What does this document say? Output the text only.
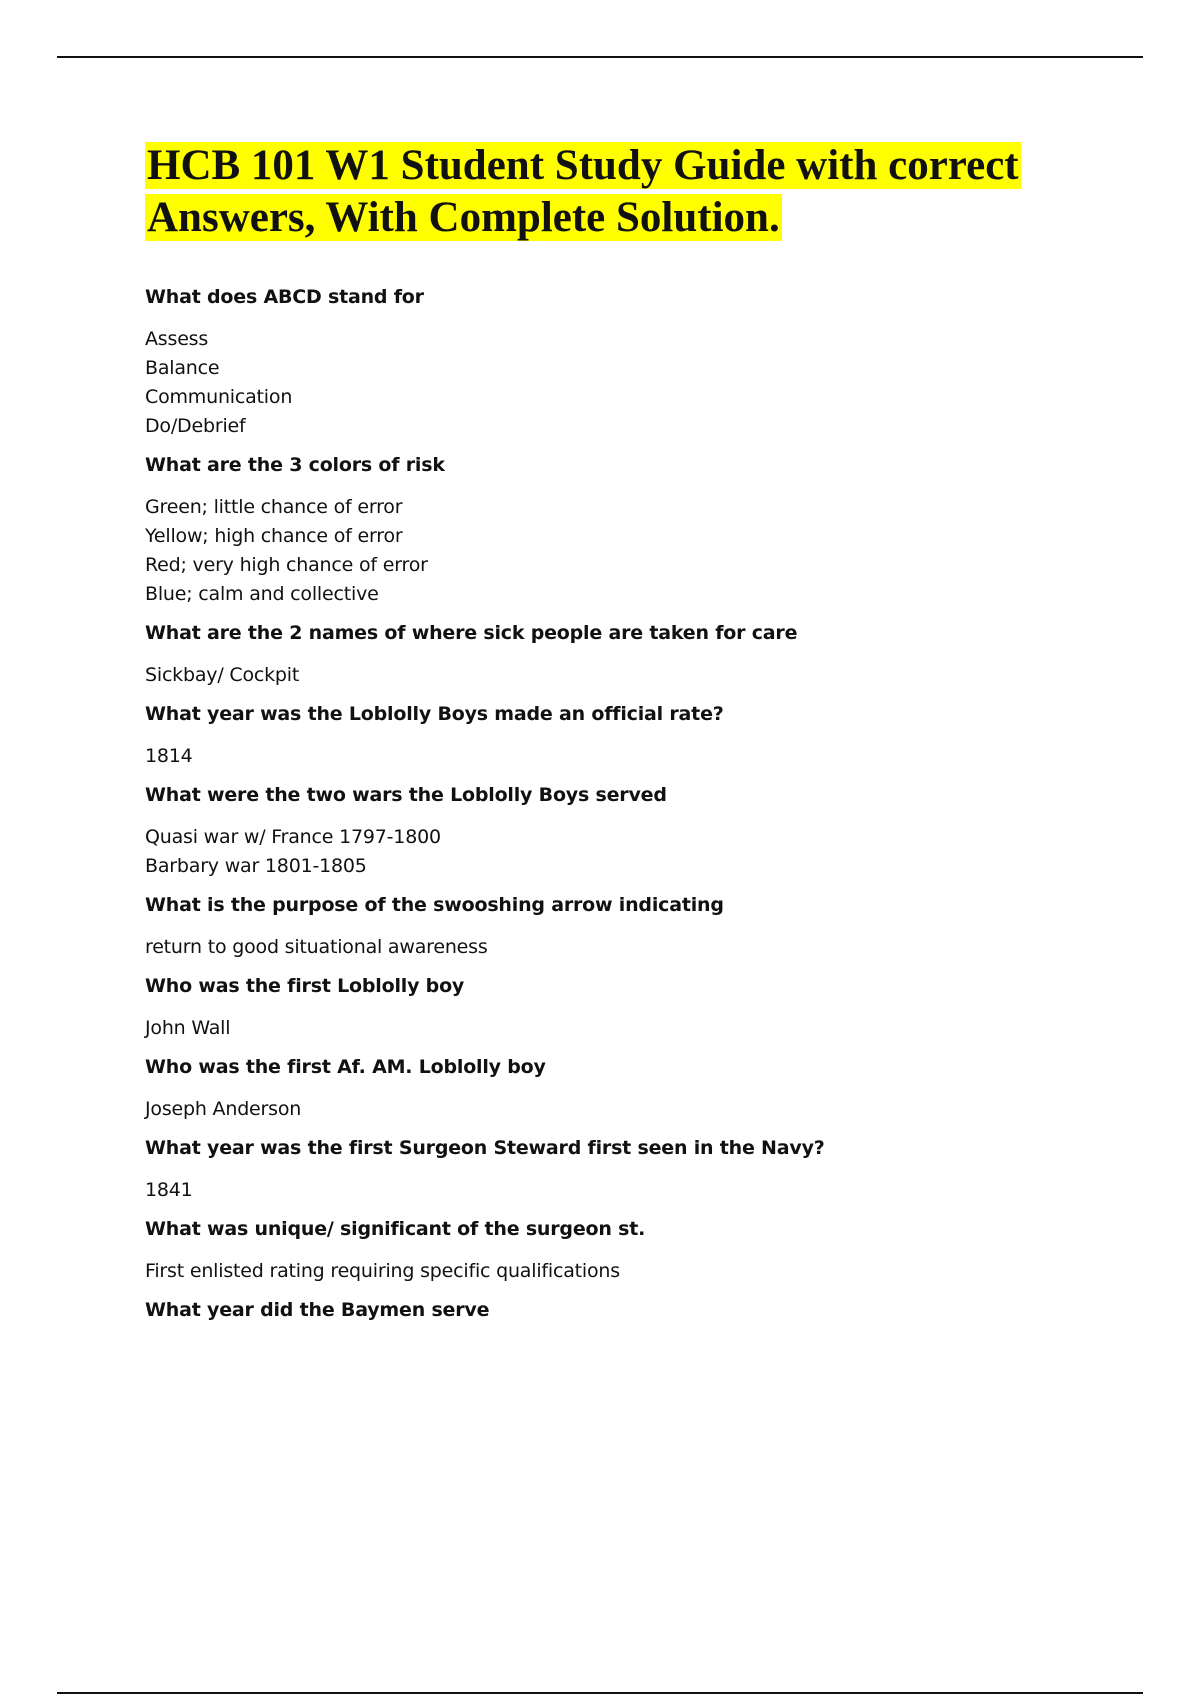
HCB 101 W1 Student Study Guide with correct Answers, With Complete Solution.
What does ABCD stand for
Assess
Balance
Communication
Do/Debrief
What are the 3 colors of risk
Green; little chance of error
Yellow; high chance of error
Red; very high chance of error
Blue; calm and collective
What are the 2 names of where sick people are taken for care
Sickbay/ Cockpit
What year was the Loblolly Boys made an official rate?
1814
What were the two wars the Loblolly Boys served
Quasi war w/ France 1797-1800
Barbary war 1801-1805
What is the purpose of the swooshing arrow indicating
return to good situational awareness
Who was the first Loblolly boy
John Wall
Who was the first Af. AM. Loblolly boy
Joseph Anderson
What year was the first Surgeon Steward first seen in the Navy?
1841
What was unique/ significant of the surgeon st.
First enlisted rating requiring specific qualifications
What year did the Baymen serve
